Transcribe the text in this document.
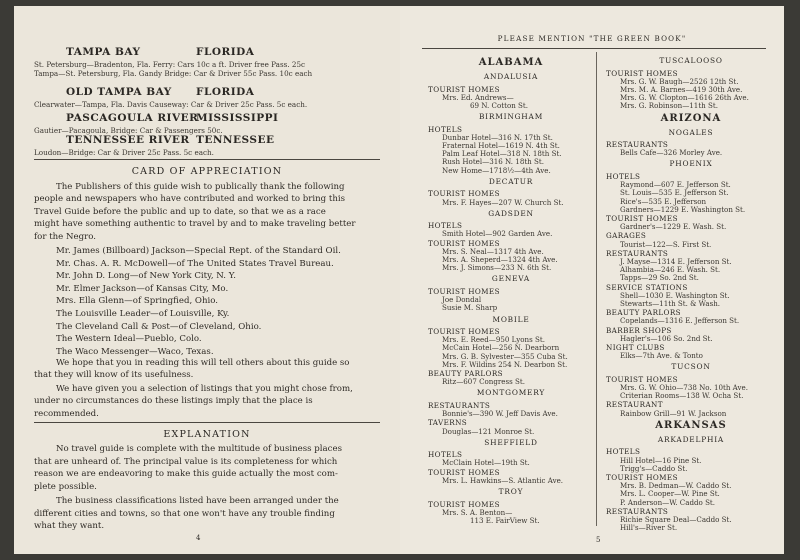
TAMPA BAY	FLORIDA
St. Petersburg—Bradenton, Fla. Ferry: Cars 10c a ft. Driver free Pass. 25c
Tampa—St. Petersburg, Fla. Gandy Bridge: Car & Driver 55c Pass. 10c each
OLD TAMPA BAY FLORIDA
Clearwater—Tampa, Fla. Davis Causeway: Car & Driver 25c Pass. 5c each.
PASCAGOULA RIVER
MISSISSIPPI
Gautier—Pacagoula, Bridge: Car & Passengers 50c.
TENNESSEE RIVER TENNESSEE
Loudon—Bridge: Car & Driver 25c Pass. 5c each.
CARD OF APPRECIATION
The Publishers of this guide wish to publically thank the following
people and newspapers who have contributed and worked to bring this
Travel Guide before the public and up to date, so that we as a race
might have something authentic to travel by and to make traveling better
for the Negro.
Mr. James (Billboard) Jackson—Special Rept. of the Standard Oil.
Mr. Chas. A. R. McDowell—of The United States Travel Bureau.
Mr. John D. Long—of New York City, N. Y.
Mr. Elmer Jackson—of Kansas City, Mo.
Mrs. Ella Glenn—of Springfied, Ohio.
The Louisville Leader—of Louisville, Ky.
The Cleveland Call & Post—of Cleveland, Ohio.
The Western Ideal—Pueblo, Colo.
The Waco Messenger—Waco, Texas.
We hope that you in reading this will tell others about this guide so
that they will know of its usefulness.
We have given you a selection of listings that you might chose from,
under no circumstances do these listings imply that the place is
recommended.
EXPLANATION
No travel guide is complete with the multitude of business places
that are unheard of. The principal value is its completeness for which
reason we are endeavoring to make this guide actually the most com-
plete possible.
The business classifications listed have been arranged under the
different cities and towns, so that one won't have any trouble finding
what they want.
4
PLEASE MENTION "THE GREEN BOOK"
ALABAMA
ANDALUSIA
TOURIST HOMES
Mrs. Ed. Andrews—
69 N. Cotton St.
BIRMINGHAM
HOTELS
Dunbar Hotel—316 N. 17th St.
Fraternal Hotel—1619 N. 4th St.
Palm Leaf Hotel—318 N. 18th St.
Rush Hotel—316 N. 18th St.
New Home—1718½—4th Ave.
DECATUR
TOURIST HOMES
Mrs. F. Hayes—207 W. Church St.
GADSDEN
HOTELS
Smith Hotel—902 Garden Ave.
TOURIST HOMES
Mrs. S. Neal—1317 4th Ave.
Mrs. A. Sheperd—1324 4th Ave.
Mrs. J. Simons—233 N. 6th St.
GENEVA
TOURIST HOMES
Joe Dondal
Susie M. Sharp
MOBILE
TOURIST HOMES
Mrs. E. Reed—950 Lyons St.
McCain Hotel—256 N. Dearborn
Mrs. G. B. Sylvester—355 Cuba St.
Mrs. F. Wildins 254 N. Dearbon St.
BEAUTY PARLORS
Ritz—607 Congress St.
MONTGOMERY
RESTAURANTS
Bonnie's—390 W. Jeff Davis Ave.
TAVERNS
Douglas—121 Monroe St.
SHEFFIELD
HOTELS
McClain Hotel—19th St.
TOURIST HOMES
Mrs. L. Hawkins—S. Atlantic Ave.
TROY
TOURIST HOMES
Mrs. S. A. Benton—
113 E. FairView St.
TUSCALOOSO
TOURIST HOMES
Mrs. G. W. Baugh—2526 12th St.
Mrs. M. A. Barnes—419 30th Ave.
Mrs. G. W. Clopton—1616 26th Ave.
Mrs. G. Robinson—11th St.
ARIZONA
NOGALES
RESTAURANTS
Bells Cafe—326 Morley Ave.
PHOENIX
HOTELS
Raymond—607 E. Jefferson St.
St. Louis—535 E. Jefferson St.
Rice's—535 E. Jefferson
Gardners—1229 E. Washington St.
TOURIST HOMES
Gardner's—1229 E. Wash. St.
GARAGES
Tourist—122—S. First St.
RESTAURANTS
J. Mayse—1314 E. Jefferson St.
Alhambia—246 E. Wash. St.
Tapps—29 So. 2nd St.
SERVICE STATIONS
Shell—1030 E. Washington St.
Stewarts—11th St. & Wash.
BEAUTY PARLORS
Copelands—1316 E. Jefferson St.
BARBER SHOPS
Hagler's—106 So. 2nd St.
NIGHT CLUBS
Elks—7th Ave. & Tonto
TUCSON
TOURIST HOMES
Mrs. G. W. Ohio—738 No. 10th Ave.
Criterian Rooms—138 W. Ocha St.
RESTAURANT
Rainbow Grill—91 W. Jackson
ARKANSAS
ARKADELPHIA
HOTELS
Hill Hotel—16 Pine St.
Trigg's—Caddo St.
TOURIST HOMES
Mrs. B. Dedman—W. Caddo St.
Mrs. L. Cooper—W. Pine St.
P. Anderson—W. Caddo St.
RESTAURANTS
Richie Square Deal—Caddo St.
Hill's—River St.
5
